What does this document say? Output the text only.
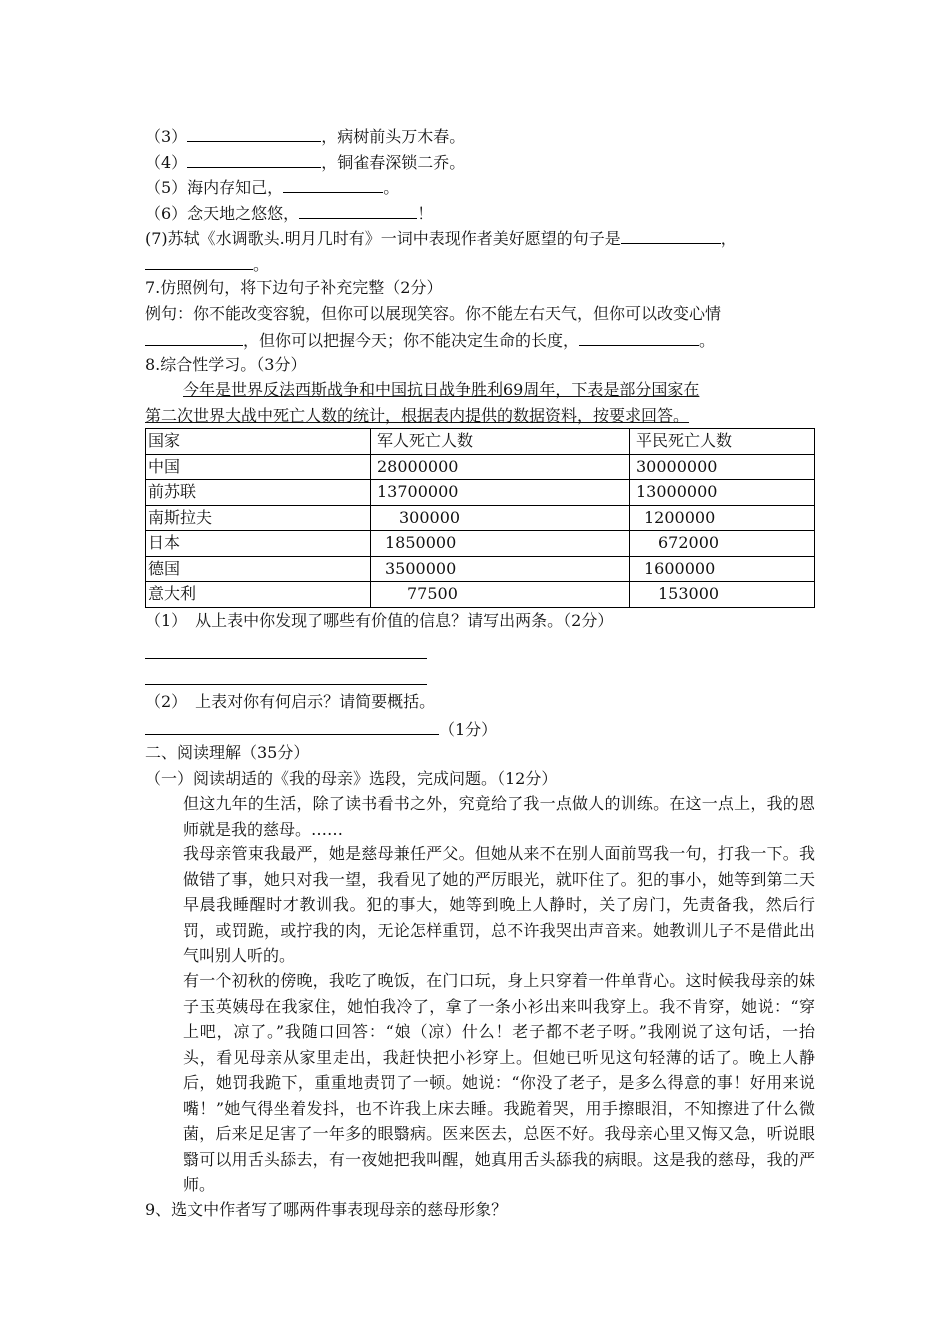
（3）	，病树前头万木春。
（4）	，铜雀春深锁二乔。
（5）海内存知己，	。
（6）念天地之悠悠，	！
(7)苏轼《水调歌头.明月几时有》一词中表现作者美好愿望的句子是	，
。
7.仿照例句，将下边句子补充完整（2分）
例句：你不能改变容貌，但你可以展现笑容。你不能左右天气，但你可以改变心情
，但你可以把握今天；你不能决定生命的长度，	。
8.综合性学习。（3分）
今年是世界反法西斯战争和中国抗日战争胜利69周年，下表是部分国家在
第二次世界大战中死亡人数的统计，根据表内提供的数据资料，按要求回答。
国家	军人死亡人数	平民死亡人数
中国	28000000	30000000
前苏联	13700000	13000000
南斯拉夫	300000	1200000
日本	1850000	672000
德国	3500000	1600000
意大利	77500	153000
（1）　从上表中你发现了哪些有价值的信息？请写出两条。（2分）
（2）　上表对你有何启示？请简要概括。
（1分）
二、阅读理解（35分）
（一）阅读胡适的《我的母亲》选段，完成问题。（12分）
但这九年的生活，除了读书看书之外，究竟给了我一点做人的训练。在这一点上，我的恩师就是我的慈母。……
我母亲管束我最严，她是慈母兼任严父。但她从来不在别人面前骂我一句，打我一下。我做错了事，她只对我一望，我看见了她的严厉眼光，就吓住了。犯的事小，她等到第二天早晨我睡醒时才教训我。犯的事大，她等到晚上人静时，关了房门，先责备我，然后行罚，或罚跪，或拧我的肉，无论怎样重罚，总不许我哭出声音来。她教训儿子不是借此出气叫别人听的。
有一个初秋的傍晚，我吃了晚饭，在门口玩，身上只穿着一件单背心。这时候我母亲的妹子玉英姨母在我家住，她怕我冷了，拿了一条小衫出来叫我穿上。我不肯穿，她说：“穿上吧，凉了。”我随口回答：“娘（凉）什么！老子都不老子呀。”我刚说了这句话，一抬头，看见母亲从家里走出，我赶快把小衫穿上。但她已听见这句轻薄的话了。晚上人静后，她罚我跪下，重重地责罚了一顿。她说：“你没了老子，是多么得意的事！好用来说嘴！”她气得坐着发抖，也不许我上床去睡。我跪着哭，用手擦眼泪，不知擦进了什么微菌，后来足足害了一年多的眼翳病。医来医去，总医不好。我母亲心里又悔又急，听说眼翳可以用舌头舔去，有一夜她把我叫醒，她真用舌头舔我的病眼。这是我的慈母，我的严师。
9、选文中作者写了哪两件事表现母亲的慈母形象？
